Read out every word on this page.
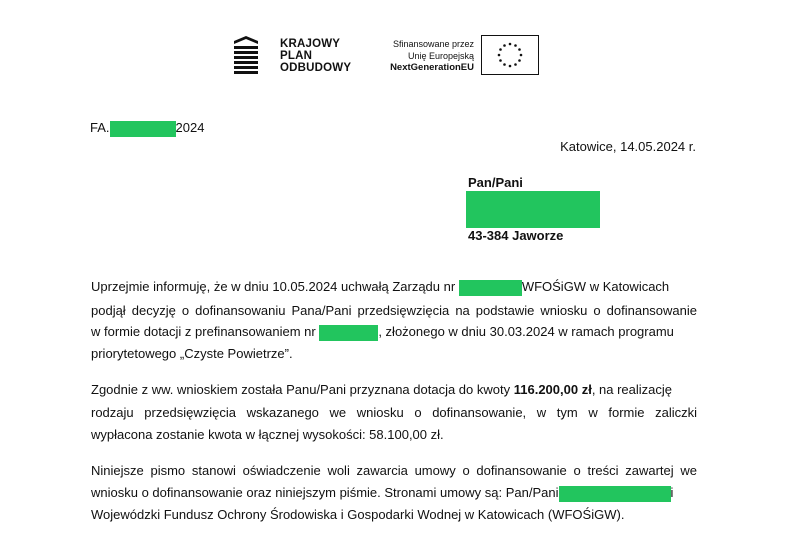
KRAJOWY
PLAN
ODBUDOWY
Sfinansowane przez
Unię Europejską
NextGenerationEU
FA.	2024
Katowice, 14.05.2024 r.
Pan/Pani
43-384 Jaworze
Uprzejmie informuję, że w dniu 10.05.2024 uchwałą Zarządu nr	WFOŚiGW w Katowicach
podjął decyzję o dofinansowaniu Pana/Pani przedsięwzięcia na podstawie wniosku o dofinansowanie
w formie dotacji z prefinansowaniem nr	, złożonego w dniu 30.03.2024 w ramach programu
priorytetowego „Czyste Powietrze”.
Zgodnie z ww. wnioskiem została Panu/Pani przyznana dotacja do kwoty 116.200,00 zł, na realizację
rodzaju przedsięwzięcia wskazanego we wniosku o dofinansowanie, w tym w formie zaliczki
wypłacona zostanie kwota w łącznej wysokości: 58.100,00 zł.
Niniejsze pismo stanowi oświadczenie woli zawarcia umowy o dofinansowanie o treści zawartej we
wniosku o dofinansowanie oraz niniejszym piśmie. Stronami umowy są: Pan/Pani	i
Wojewódzki Fundusz Ochrony Środowiska i Gospodarki Wodnej w Katowicach (WFOŚiGW).
